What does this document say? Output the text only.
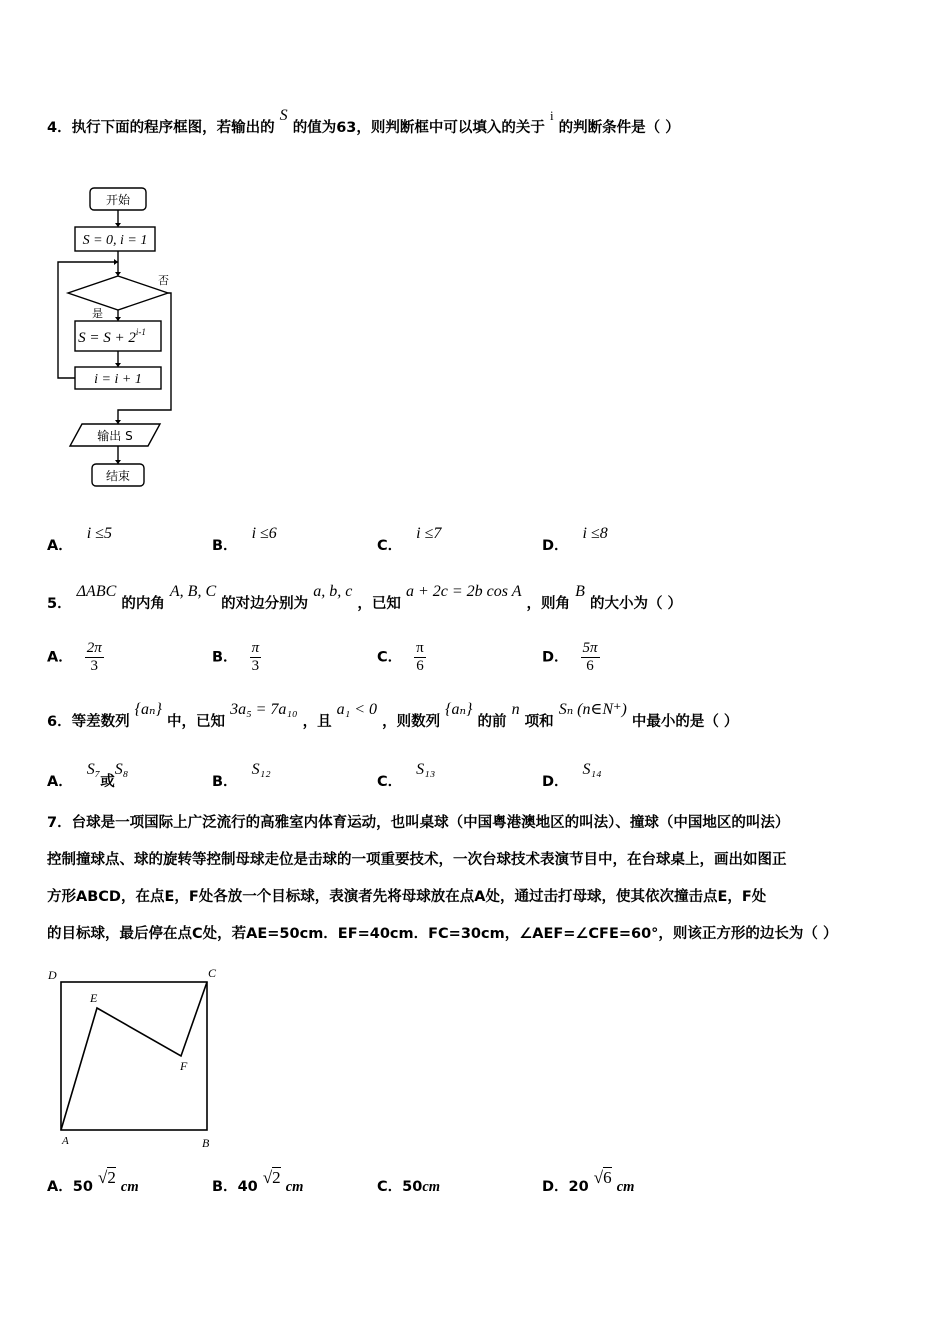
4．执行下面的程序框图，若输出的 S 的值为63，则判断框中可以填入的关于 i 的判断条件是（ ）
开始
S = 0, i = 1
否
是
$S = S + 2^{i-1}$
i = i + 1
输出 S
结束
A．i ≤5
B．i ≤6
C．i ≤7
D．i ≤8
5． ΔABC 的内角 A, B, C 的对边分别为 a, b, c ，已知 a + 2c = 2b cos A ，则角 B 的大小为（ ）
A． $\frac{2\pi}{3}$	B． $\frac{\pi}{3}$	C． $\frac{\pi}{6}$	D． $\frac{5\pi}{6}$
6．等差数列 {aₙ} 中，已知 3a₅ = 7a₁₀ ，且 a₁ < 0 ，则数列 {aₙ} 的前 n 项和 Sₙ (n∈N⁺) 中最小的是（ ）
A．S₇或S₈
B．S₁₂
C．S₁₃
D．S₁₄
7．台球是一项国际上广泛流行的高雅室内体育运动，也叫桌球（中国粤港澳地区的叫法）、撞球（中国地区的叫法）
控制撞球点、球的旋转等控制母球走位是击球的一项重要技术，一次台球技术表演节目中，在台球桌上，画出如图正
方形ABCD，在点E，F处各放一个目标球，表演者先将母球放在点A处，通过击打母球，使其依次撞击点E，F处
的目标球，最后停在点C处，若AE=50cm．EF=40cm．FC=30cm，∠AEF=∠CFE=60°，则该正方形的边长为（ ）
D	C
E
F
A	B
A．50 √2 cm	B．40 √2 cm	C．50cm	D．20 √6 cm
